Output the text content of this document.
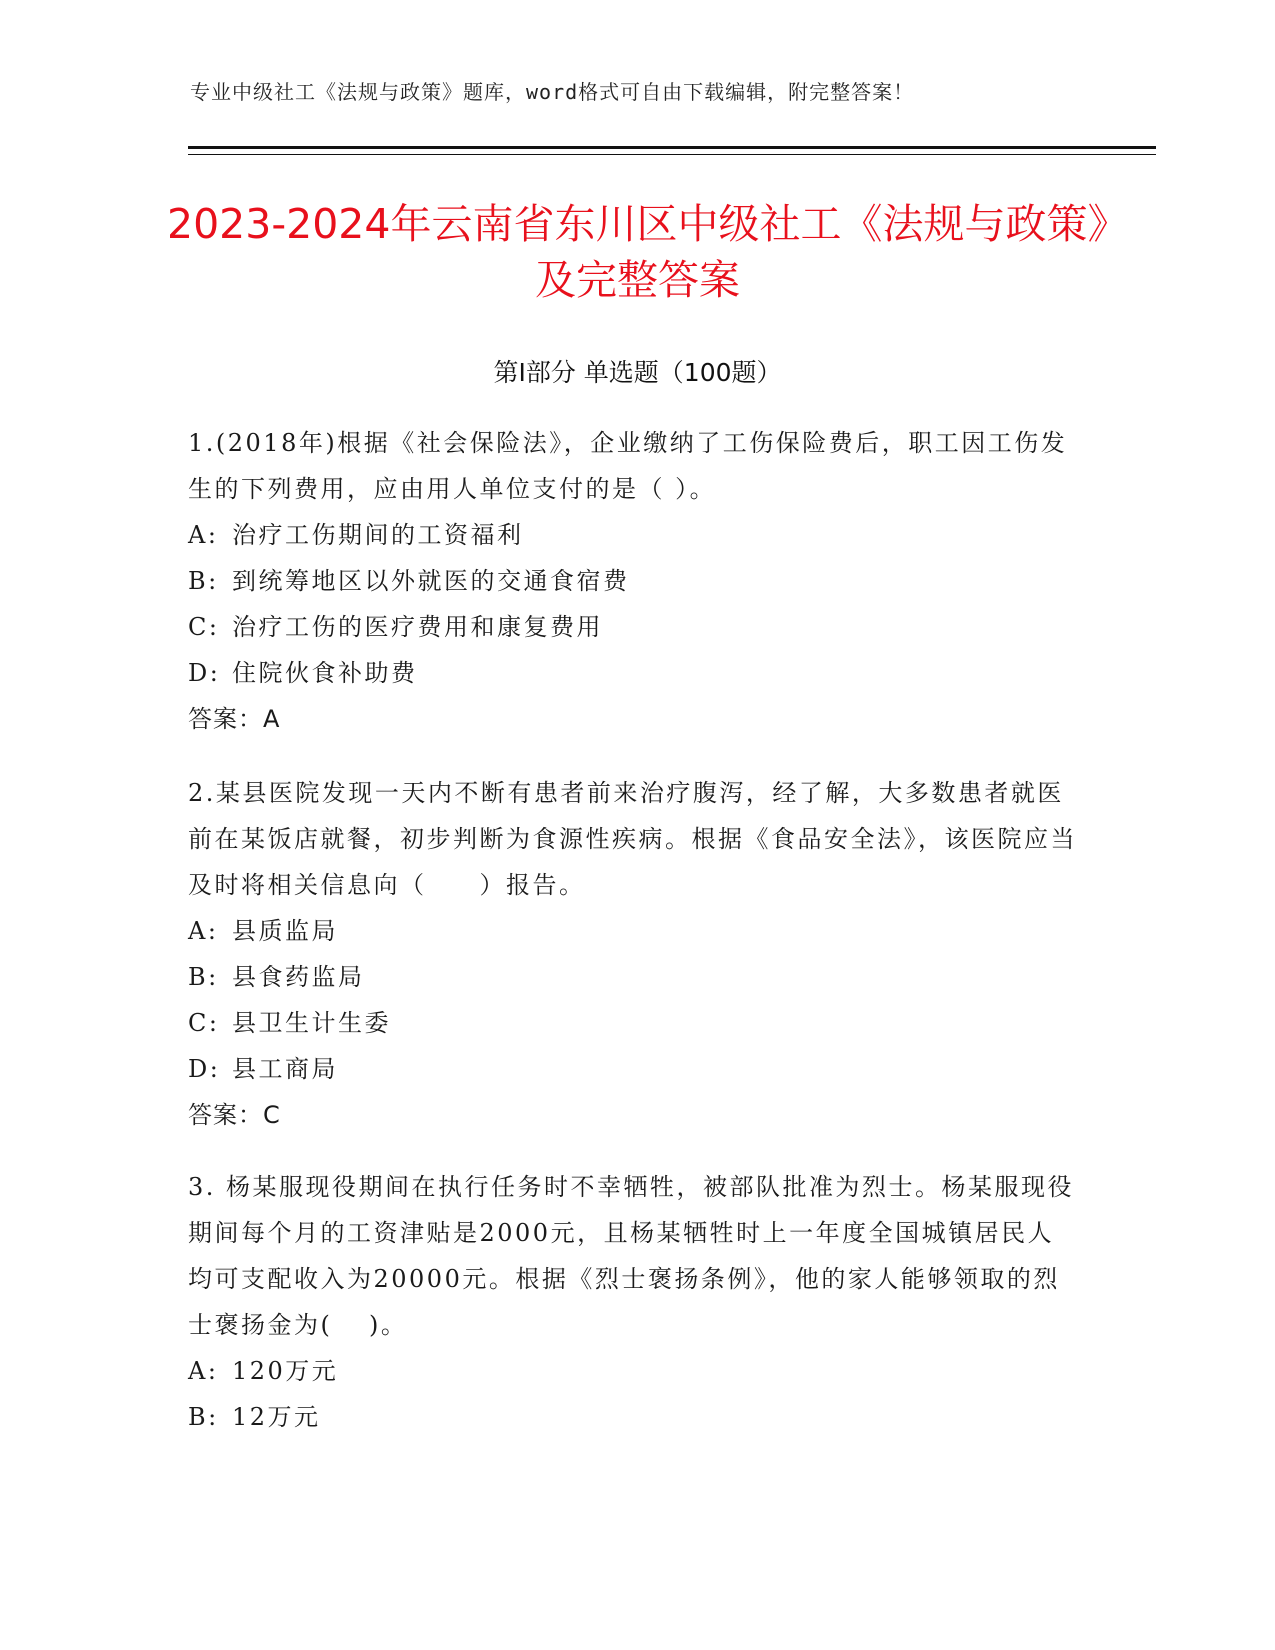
专业中级社工《法规与政策》题库，word格式可自由下载编辑，附完整答案！
2023-2024年云南省东川区中级社工《法规与政策》及完整答案
第Ⅰ部分 单选题（100题）

1.(2018年)根据《社会保险法》，企业缴纳了工伤保险费后，职工因工伤发生的下列费用，应由用人单位支付的是（ ）。

A: 治疗工伤期间的工资福利

B: 到统筹地区以外就医的交通食宿费

C: 治疗工伤的医疗费用和康复费用

D: 住院伙食补助费

答案：A

2.某县医院发现一天内不断有患者前来治疗腹泻，经了解，大多数患者就医前在某饭店就餐，初步判断为食源性疾病。根据《食品安全法》，该医院应当及时将相关信息向（　　）报告。

A: 县质监局

B: 县食药监局

C: 县卫生计生委

D: 县工商局

答案：C

3. 杨某服现役期间在执行任务时不幸牺牲，被部队批准为烈士。杨某服现役期间每个月的工资津贴是2000元，且杨某牺牲时上一年度全国城镇居民人均可支配收入为20000元。根据《烈士褒扬条例》，他的家人能够领取的烈士褒扬金为(　 )。

A: 120万元

B: 12万元
